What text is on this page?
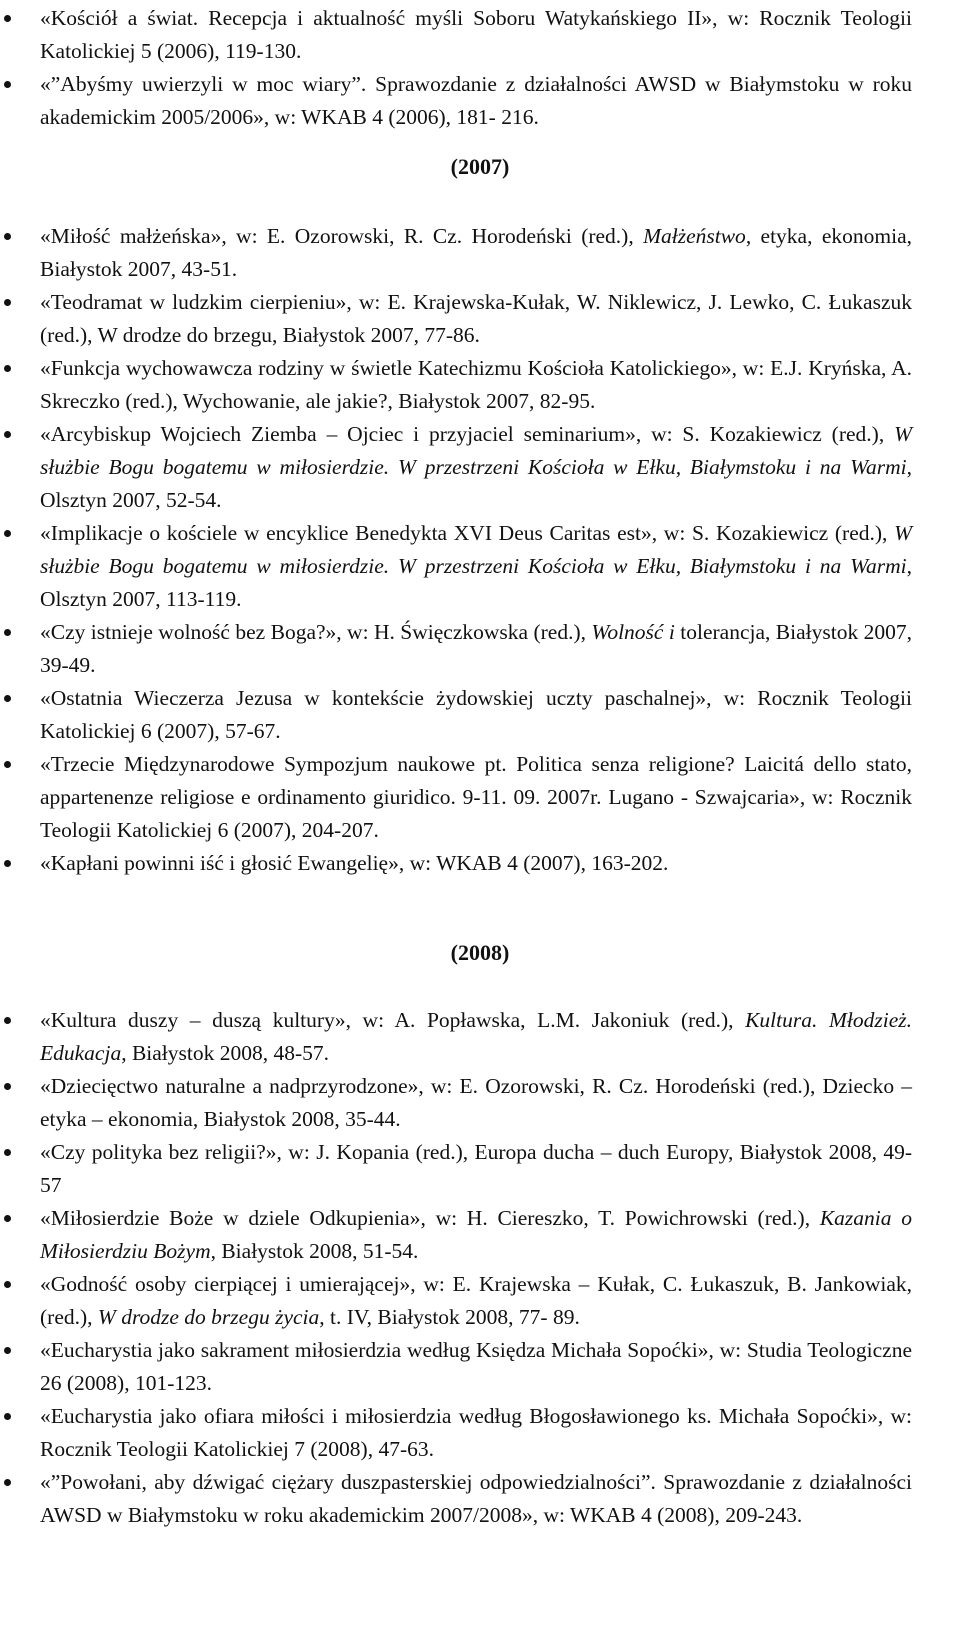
«Kościół a świat. Recepcja i aktualność myśli Soboru Watykańskiego II», w: Rocznik Teologii Katolickiej 5 (2006), 119-130.
«”Abyśmy uwierzyli w moc wiary”. Sprawozdanie z działalności AWSD w Białymstoku w roku akademickim 2005/2006», w: WKAB 4 (2006), 181- 216.
(2007)
«Miłość małżeńska», w: E. Ozorowski, R. Cz. Horodeński (red.), Małżeństwo, etyka, ekonomia, Białystok 2007, 43-51.
«Teodramat w ludzkim cierpieniu», w: E. Krajewska-Kułak, W. Niklewicz, J. Lewko, C. Łukaszuk (red.), W drodze do brzegu, Białystok 2007, 77-86.
«Funkcja wychowawcza rodziny w świetle Katechizmu Kościoła Katolickiego», w: E.J. Kryńska, A. Skreczko (red.), Wychowanie, ale jakie?, Białystok 2007, 82-95.
«Arcybiskup Wojciech Ziemba – Ojciec i przyjaciel seminarium», w: S. Kozakiewicz (red.), W służbie Bogu bogatemu w miłosierdzie. W przestrzeni Kościoła w Ełku, Białymstoku i na Warmi, Olsztyn 2007, 52-54.
«Implikacje o kościele w encyklice Benedykta XVI Deus Caritas est», w: S. Kozakiewicz (red.), W służbie Bogu bogatemu w miłosierdzie. W przestrzeni Kościoła w Ełku, Białymstoku i na Warmi, Olsztyn 2007, 113-119.
«Czy istnieje wolność bez Boga?», w: H. Święczkowska (red.), Wolność i tolerancja, Białystok 2007, 39-49.
«Ostatnia Wieczerza Jezusa w kontekście żydowskiej uczty paschalnej», w: Rocznik Teologii Katolickiej 6 (2007), 57-67.
«Trzecie Międzynarodowe Sympozjum naukowe pt. Politica senza religione? Laicitá dello stato, appartenenze religiose e ordinamento giuridico. 9-11. 09. 2007r. Lugano - Szwajcaria», w: Rocznik Teologii Katolickiej 6 (2007), 204-207.
«Kapłani powinni iść i głosić Ewangelię», w: WKAB 4 (2007), 163-202.
(2008)
«Kultura duszy – duszą kultury», w: A. Popławska, L.M. Jakoniuk (red.), Kultura. Młodzież. Edukacja, Białystok 2008, 48-57.
«Dziecięctwo naturalne a nadprzyrodzone», w: E. Ozorowski, R. Cz. Horodeński (red.), Dziecko – etyka – ekonomia, Białystok 2008, 35-44.
«Czy polityka bez religii?», w: J. Kopania (red.), Europa ducha – duch Europy, Białystok 2008, 49- 57
«Miłosierdzie Boże w dziele Odkupienia», w: H. Ciereszko, T. Powichrowski (red.), Kazania o Miłosierdziu Bożym, Białystok 2008, 51-54.
«Godność osoby cierpiącej i umierającej», w: E. Krajewska – Kułak, C. Łukaszuk, B. Jankowiak, (red.), W drodze do brzegu życia, t. IV, Białystok 2008, 77- 89.
«Eucharystia jako sakrament miłosierdzia według Księdza Michała Sopoćki», w: Studia Teologiczne 26 (2008), 101-123.
«Eucharystia jako ofiara miłości i miłosierdzia według Błogosławionego ks. Michała Sopoćki», w: Rocznik Teologii Katolickiej 7 (2008), 47-63.
«”Powołani, aby dźwigać ciężary duszpasterskiej odpowiedzialności”. Sprawozdanie z działalności AWSD w Białymstoku w roku akademickim 2007/2008», w: WKAB 4 (2008), 209-243.
